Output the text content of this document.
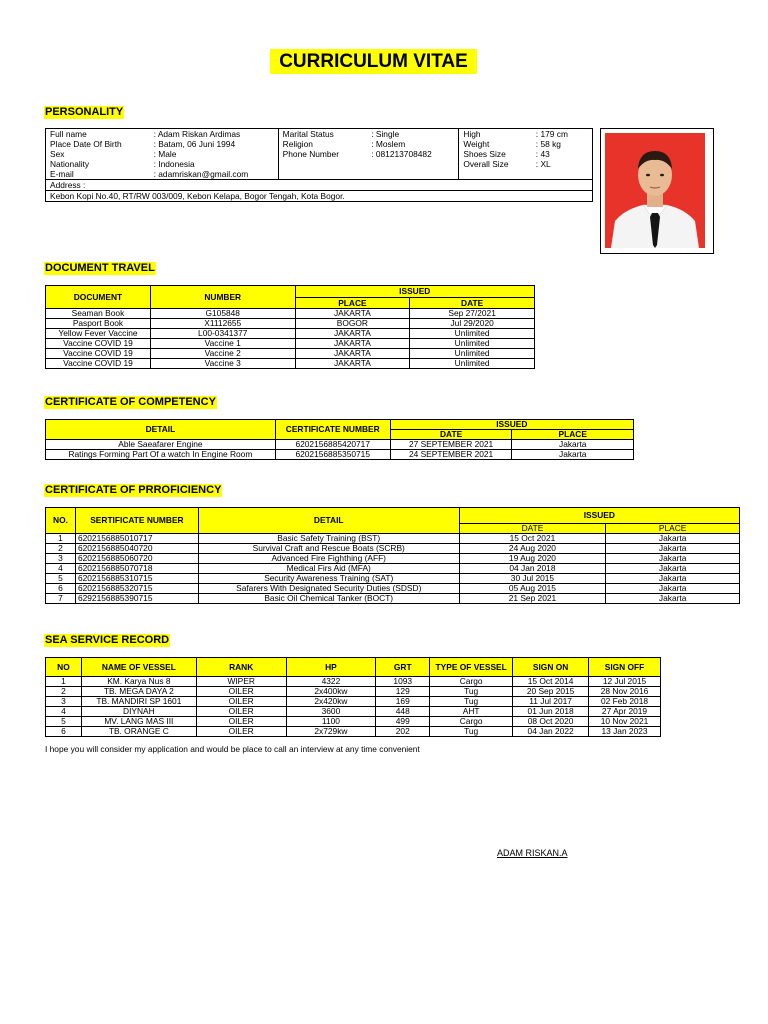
CURRICULUM VITAE
PERSONALITY
Full name	: Adam Riskan Ardimas	Marital Status	: Single	High	: 179 cm
Place Date Of Birth	: Batam, 06 Juni 1994	Religion	: Moslem	Weight	: 58 kg
Sex	: Male	Phone Number	: 081213708482	Shoes Size	: 43
Nationality	: Indonesia			Overall Size	: XL
E-mail	: adamriskan@gmail.com				
Address :					
Kebon Kopi No.40, RT/RW 003/009, Kebon Kelapa, Bogor Tengah, Kota Bogor.					
DOCUMENT TRAVEL
DOCUMENT	NUMBER	ISSUED	
		PLACE	DATE
Seaman Book	G105848	JAKARTA	Sep 27/2021
Pasport Book	X1112655	BOGOR	Jul 29/2020
Yellow Fever Vaccine	L00-0341377	JAKARTA	Unlimited
Vaccine COVID 19	Vaccine 1	JAKARTA	Unlimited
Vaccine COVID 19	Vaccine 2	JAKARTA	Unlimited
Vaccine COVID 19	Vaccine 3	JAKARTA	Unlimited
CERTIFICATE OF COMPETENCY
DETAIL	CERTIFICATE NUMBER	ISSUED	
		DATE	PLACE
Able Saeafarer Engine	6202156885420717	27 SEPTEMBER 2021	Jakarta
Ratings Forming Part Of a watch In Engine Room	6202156885350715	24 SEPTEMBER 2021	Jakarta
CERTIFICATE OF PRROFICIENCY
NO.	SERTIFICATE NUMBER	DETAIL	ISSUED	
			DATE	PLACE
1	6202156885010717	Basic Safety Training (BST)	15 Oct 2021	Jakarta
2	6202156885040720	Survival Craft and Rescue Boats (SCRB)	24 Aug 2020	Jakarta
3	6202156885060720	Advanced Fire Fighthing (AFF)	19 Aug 2020	Jakarta
4	6202156885070718	Medical Firs Aid (MFA)	04 Jan 2018	Jakarta
5	6202156885310715	Security Awareness Training (SAT)	30 Jul 2015	Jakarta
6	6202156885320715	Safarers With Designated Security Duties (SDSD)	05 Aug 2015	Jakarta
7	6292156885390715	Basic Oil Chemical Tanker (BOCT)	21 Sep 2021	Jakarta
SEA SERVICE RECORD
NO	NAME OF VESSEL	RANK	HP	GRT	TYPE OF VESSEL	SIGN ON	SIGN OFF
1	KM. Karya Nus 8	WIPER	4322	1093	Cargo	15 Oct 2014	12 Jul 2015
2	TB. MEGA DAYA 2	OILER	2x400kw	129	Tug	20 Sep 2015	28 Nov 2016
3	TB. MANDIRI SP 1601	OILER	2x420kw	169	Tug	11 Jul 2017	02 Feb 2018
4	DIYNAH	OILER	3600	448	AHT	01 Jun 2018	27 Apr 2019
5	MV. LANG MAS III	OILER	1100	499	Cargo	08 Oct 2020	10 Nov 2021
6	TB. ORANGE C	OILER	2x729kw	202	Tug	04 Jan 2022	13 Jan 2023
I hope you will consider my application and would be place to call an interview at any time convenient
ADAM RISKAN.A
